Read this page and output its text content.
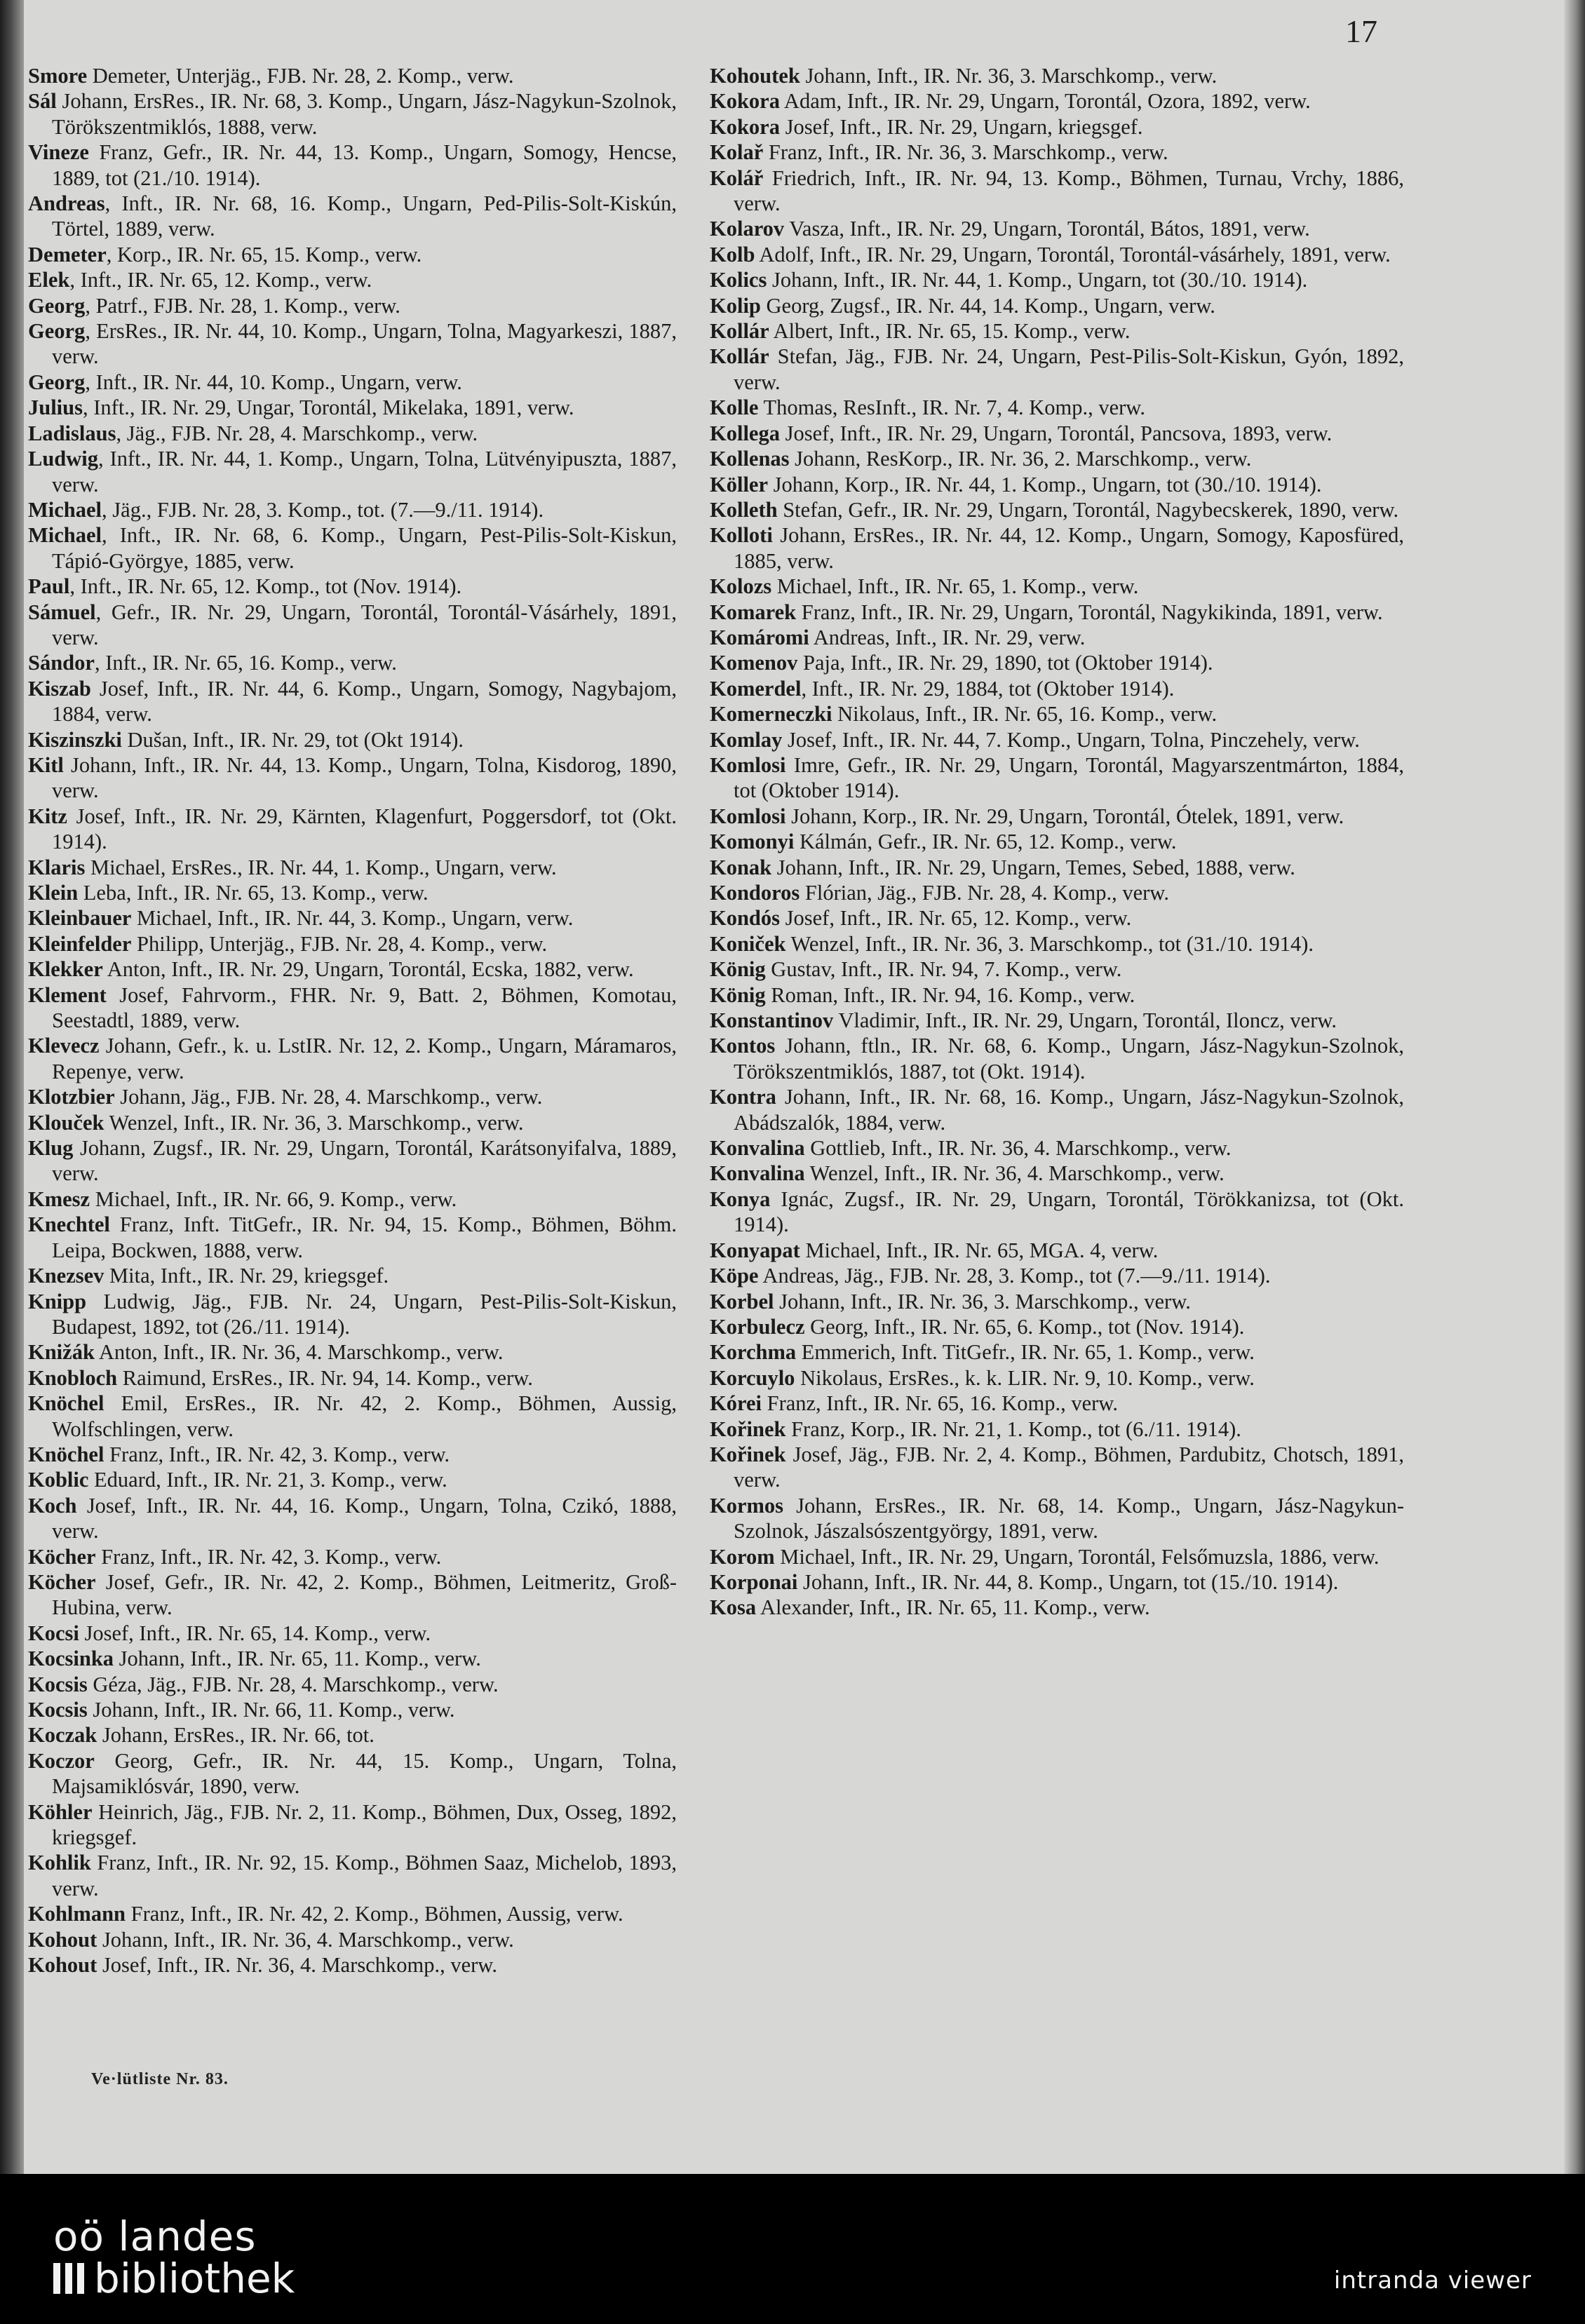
17
Smore Demeter, Unterjäg., FJB. Nr. 28, 2. Komp., verw.
Sál Johann, ErsRes., IR. Nr. 68, 3. Komp., Ungarn, Jász-Nagykun-Szolnok, Törökszentmiklós, 1888, verw.
Vineze Franz, Gefr., IR. Nr. 44, 13. Komp., Ungarn, Somogy, Hencse, 1889, tot (21./10. 1914).
Andreas, Inft., IR. Nr. 68, 16. Komp., Ungarn, Ped-Pilis-Solt-Kiskún, Törtel, 1889, verw.
Demeter, Korp., IR. Nr. 65, 15. Komp., verw.
Elek, Inft., IR. Nr. 65, 12. Komp., verw.
Georg, Patrf., FJB. Nr. 28, 1. Komp., verw.
Georg, ErsRes., IR. Nr. 44, 10. Komp., Ungarn, Tolna, Magyarkeszi, 1887, verw.
Georg, Inft., IR. Nr. 44, 10. Komp., Ungarn, verw.
Julius, Inft., IR. Nr. 29, Ungar, Torontál, Mikelaka, 1891, verw.
Ladislaus, Jäg., FJB. Nr. 28, 4. Marschkomp., verw.
Ludwig, Inft., IR. Nr. 44, 1. Komp., Ungarn, Tolna, Lütvényipuszta, 1887, verw.
Michael, Jäg., FJB. Nr. 28, 3. Komp., tot. (7.—9./11. 1914).
Michael, Inft., IR. Nr. 68, 6. Komp., Ungarn, Pest-Pilis-Solt-Kiskun, Tápió-Györgye, 1885, verw.
Paul, Inft., IR. Nr. 65, 12. Komp., tot (Nov. 1914).
Sámuel, Gefr., IR. Nr. 29, Ungarn, Torontál, Torontál-Vásárhely, 1891, verw.
Sándor, Inft., IR. Nr. 65, 16. Komp., verw.
Kiszab Josef, Inft., IR. Nr. 44, 6. Komp., Ungarn, Somogy, Nagybajom, 1884, verw.
Kiszinszki Dušan, Inft., IR. Nr. 29, tot (Okt 1914).
Kitl Johann, Inft., IR. Nr. 44, 13. Komp., Ungarn, Tolna, Kisdorog, 1890, verw.
Kitz Josef, Inft., IR. Nr. 29, Kärnten, Klagenfurt, Poggersdorf, tot (Okt. 1914).
Klaris Michael, ErsRes., IR. Nr. 44, 1. Komp., Ungarn, verw.
Klein Leba, Inft., IR. Nr. 65, 13. Komp., verw.
Kleinbauer Michael, Inft., IR. Nr. 44, 3. Komp., Ungarn, verw.
Kleinfelder Philipp, Unterjäg., FJB. Nr. 28, 4. Komp., verw.
Klekker Anton, Inft., IR. Nr. 29, Ungarn, Torontál, Ecska, 1882, verw.
Klement Josef, Fahrvorm., FHR. Nr. 9, Batt. 2, Böhmen, Komotau, Seestadtl, 1889, verw.
Klevecz Johann, Gefr., k. u. LstIR. Nr. 12, 2. Komp., Ungarn, Máramaros, Repenye, verw.
Klotzbier Johann, Jäg., FJB. Nr. 28, 4. Marschkomp., verw.
Klouček Wenzel, Inft., IR. Nr. 36, 3. Marschkomp., verw.
Klug Johann, Zugsf., IR. Nr. 29, Ungarn, Torontál, Karátsonyifalva, 1889, verw.
Kmesz Michael, Inft., IR. Nr. 66, 9. Komp., verw.
Knechtel Franz, Inft. TitGefr., IR. Nr. 94, 15. Komp., Böhmen, Böhm. Leipa, Bockwen, 1888, verw.
Knezsev Mita, Inft., IR. Nr. 29, kriegsgef.
Knipp Ludwig, Jäg., FJB. Nr. 24, Ungarn, Pest-Pilis-Solt-Kiskun, Budapest, 1892, tot (26./11. 1914).
Knižák Anton, Inft., IR. Nr. 36, 4. Marschkomp., verw.
Knobloch Raimund, ErsRes., IR. Nr. 94, 14. Komp., verw.
Knöchel Emil, ErsRes., IR. Nr. 42, 2. Komp., Böhmen, Aussig, Wolfschlingen, verw.
Knöchel Franz, Inft., IR. Nr. 42, 3. Komp., verw.
Koblic Eduard, Inft., IR. Nr. 21, 3. Komp., verw.
Koch Josef, Inft., IR. Nr. 44, 16. Komp., Ungarn, Tolna, Czikó, 1888, verw.
Köcher Franz, Inft., IR. Nr. 42, 3. Komp., verw.
Köcher Josef, Gefr., IR. Nr. 42, 2. Komp., Böhmen, Leitmeritz, Groß-Hubina, verw.
Kocsi Josef, Inft., IR. Nr. 65, 14. Komp., verw.
Kocsinka Johann, Inft., IR. Nr. 65, 11. Komp., verw.
Kocsis Géza, Jäg., FJB. Nr. 28, 4. Marschkomp., verw.
Kocsis Johann, Inft., IR. Nr. 66, 11. Komp., verw.
Koczak Johann, ErsRes., IR. Nr. 66, tot.
Koczor Georg, Gefr., IR. Nr. 44, 15. Komp., Ungarn, Tolna, Majsamiklósvár, 1890, verw.
Köhler Heinrich, Jäg., FJB. Nr. 2, 11. Komp., Böhmen, Dux, Osseg, 1892, kriegsgef.
Kohlik Franz, Inft., IR. Nr. 92, 15. Komp., Böhmen Saaz, Michelob, 1893, verw.
Kohlmann Franz, Inft., IR. Nr. 42, 2. Komp., Böhmen, Aussig, verw.
Kohout Johann, Inft., IR. Nr. 36, 4. Marschkomp., verw.
Kohout Josef, Inft., IR. Nr. 36, 4. Marschkomp., verw.
Kohoutek Johann, Inft., IR. Nr. 36, 3. Marschkomp., verw.
Kokora Adam, Inft., IR. Nr. 29, Ungarn, Torontál, Ozora, 1892, verw.
Kokora Josef, Inft., IR. Nr. 29, Ungarn, kriegsgef.
Kolař Franz, Inft., IR. Nr. 36, 3. Marschkomp., verw.
Kolář Friedrich, Inft., IR. Nr. 94, 13. Komp., Böhmen, Turnau, Vrchy, 1886, verw.
Kolarov Vasza, Inft., IR. Nr. 29, Ungarn, Torontál, Bátos, 1891, verw.
Kolb Adolf, Inft., IR. Nr. 29, Ungarn, Torontál, Torontál-vásárhely, 1891, verw.
Kolics Johann, Inft., IR. Nr. 44, 1. Komp., Ungarn, tot (30./10. 1914).
Kolip Georg, Zugsf., IR. Nr. 44, 14. Komp., Ungarn, verw.
Kollár Albert, Inft., IR. Nr. 65, 15. Komp., verw.
Kollár Stefan, Jäg., FJB. Nr. 24, Ungarn, Pest-Pilis-Solt-Kiskun, Gyón, 1892, verw.
Kolle Thomas, ResInft., IR. Nr. 7, 4. Komp., verw.
Kollega Josef, Inft., IR. Nr. 29, Ungarn, Torontál, Pancsova, 1893, verw.
Kollenas Johann, ResKorp., IR. Nr. 36, 2. Marschkomp., verw.
Köller Johann, Korp., IR. Nr. 44, 1. Komp., Ungarn, tot (30./10. 1914).
Kolleth Stefan, Gefr., IR. Nr. 29, Ungarn, Torontál, Nagybecskerek, 1890, verw.
Kolloti Johann, ErsRes., IR. Nr. 44, 12. Komp., Ungarn, Somogy, Kaposfüred, 1885, verw.
Kolozs Michael, Inft., IR. Nr. 65, 1. Komp., verw.
Komarek Franz, Inft., IR. Nr. 29, Ungarn, Torontál, Nagykikinda, 1891, verw.
Komáromi Andreas, Inft., IR. Nr. 29, verw.
Komenov Paja, Inft., IR. Nr. 29, 1890, tot (Oktober 1914).
Komerdel, Inft., IR. Nr. 29, 1884, tot (Oktober 1914).
Komerneczki Nikolaus, Inft., IR. Nr. 65, 16. Komp., verw.
Komlay Josef, Inft., IR. Nr. 44, 7. Komp., Ungarn, Tolna, Pinczehely, verw.
Komlosi Imre, Gefr., IR. Nr. 29, Ungarn, Torontál, Magyarszentmárton, 1884, tot (Oktober 1914).
Komlosi Johann, Korp., IR. Nr. 29, Ungarn, Torontál, Ótelek, 1891, verw.
Komonyi Kálmán, Gefr., IR. Nr. 65, 12. Komp., verw.
Konak Johann, Inft., IR. Nr. 29, Ungarn, Temes, Sebed, 1888, verw.
Kondoros Flórian, Jäg., FJB. Nr. 28, 4. Komp., verw.
Kondós Josef, Inft., IR. Nr. 65, 12. Komp., verw.
Koniček Wenzel, Inft., IR. Nr. 36, 3. Marschkomp., tot (31./10. 1914).
König Gustav, Inft., IR. Nr. 94, 7. Komp., verw.
König Roman, Inft., IR. Nr. 94, 16. Komp., verw.
Konstantinov Vladimir, Inft., IR. Nr. 29, Ungarn, Torontál, Iloncz, verw.
Kontos Johann, ftln., IR. Nr. 68, 6. Komp., Ungarn, Jász-Nagykun-Szolnok, Törökszentmiklós, 1887, tot (Okt. 1914).
Kontra Johann, Inft., IR. Nr. 68, 16. Komp., Ungarn, Jász-Nagykun-Szolnok, Abádszalók, 1884, verw.
Konvalina Gottlieb, Inft., IR. Nr. 36, 4. Marschkomp., verw.
Konvalina Wenzel, Inft., IR. Nr. 36, 4. Marschkomp., verw.
Konya Ignác, Zugsf., IR. Nr. 29, Ungarn, Torontál, Törökkanizsa, tot (Okt. 1914).
Konyapat Michael, Inft., IR. Nr. 65, MGA. 4, verw.
Köpe Andreas, Jäg., FJB. Nr. 28, 3. Komp., tot (7.—9./11. 1914).
Korbel Johann, Inft., IR. Nr. 36, 3. Marschkomp., verw.
Korbulecz Georg, Inft., IR. Nr. 65, 6. Komp., tot (Nov. 1914).
Korchma Emmerich, Inft. TitGefr., IR. Nr. 65, 1. Komp., verw.
Korcuylo Nikolaus, ErsRes., k. k. LIR. Nr. 9, 10. Komp., verw.
Kórei Franz, Inft., IR. Nr. 65, 16. Komp., verw.
Kořinek Franz, Korp., IR. Nr. 21, 1. Komp., tot (6./11. 1914).
Kořinek Josef, Jäg., FJB. Nr. 2, 4. Komp., Böhmen, Pardubitz, Chotsch, 1891, verw.
Kormos Johann, ErsRes., IR. Nr. 68, 14. Komp., Ungarn, Jász-Nagykun-Szolnok, Jászalsószentgyörgy, 1891, verw.
Korom Michael, Inft., IR. Nr. 29, Ungarn, Torontál, Felsőmuzsla, 1886, verw.
Korponai Johann, Inft., IR. Nr. 44, 8. Komp., Ungarn, tot (15./10. 1914).
Kosa Alexander, Inft., IR. Nr. 65, 11. Komp., verw.
Ve·lütliste Nr. 83.
oö landes
bibliothek	intranda viewer
